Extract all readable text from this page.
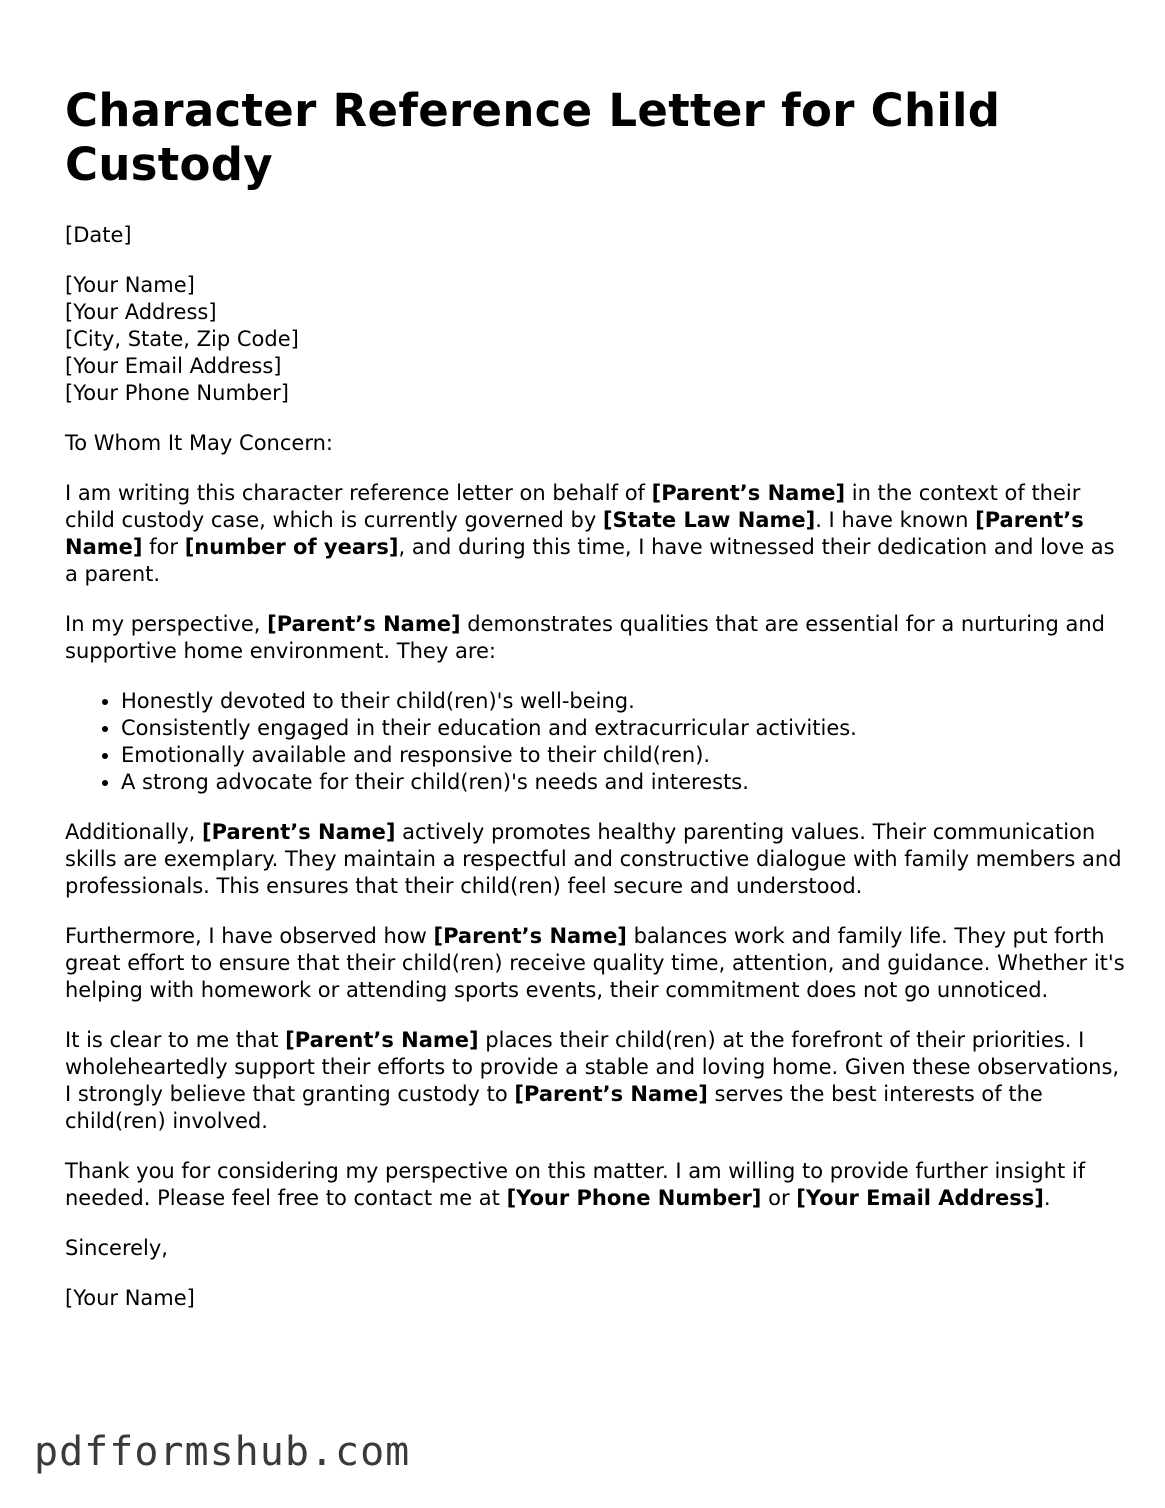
Character Reference Letter for Child Custody

[Date]

[Your Name]
[Your Address]
[City, State, Zip Code]
[Your Email Address]
[Your Phone Number]

To Whom It May Concern:

I am writing this character reference letter on behalf of [Parent’s Name] in the context of their child custody case, which is currently governed by [State Law Name]. I have known [Parent’s Name] for [number of years], and during this time, I have witnessed their dedication and love as a parent.

In my perspective, [Parent’s Name] demonstrates qualities that are essential for a nurturing and supportive home environment. They are:

• Honestly devoted to their child(ren)'s well-being.
• Consistently engaged in their education and extracurricular activities.
• Emotionally available and responsive to their child(ren).
• A strong advocate for their child(ren)'s needs and interests.

Additionally, [Parent’s Name] actively promotes healthy parenting values. Their communication skills are exemplary. They maintain a respectful and constructive dialogue with family members and professionals. This ensures that their child(ren) feel secure and understood.

Furthermore, I have observed how [Parent’s Name] balances work and family life. They put forth great effort to ensure that their child(ren) receive quality time, attention, and guidance. Whether it's helping with homework or attending sports events, their commitment does not go unnoticed.

It is clear to me that [Parent’s Name] places their child(ren) at the forefront of their priorities. I wholeheartedly support their efforts to provide a stable and loving home. Given these observations, I strongly believe that granting custody to [Parent’s Name] serves the best interests of the child(ren) involved.

Thank you for considering my perspective on this matter. I am willing to provide further insight if needed. Please feel free to contact me at [Your Phone Number] or [Your Email Address].

Sincerely,

[Your Name]

pdfformshub.com
